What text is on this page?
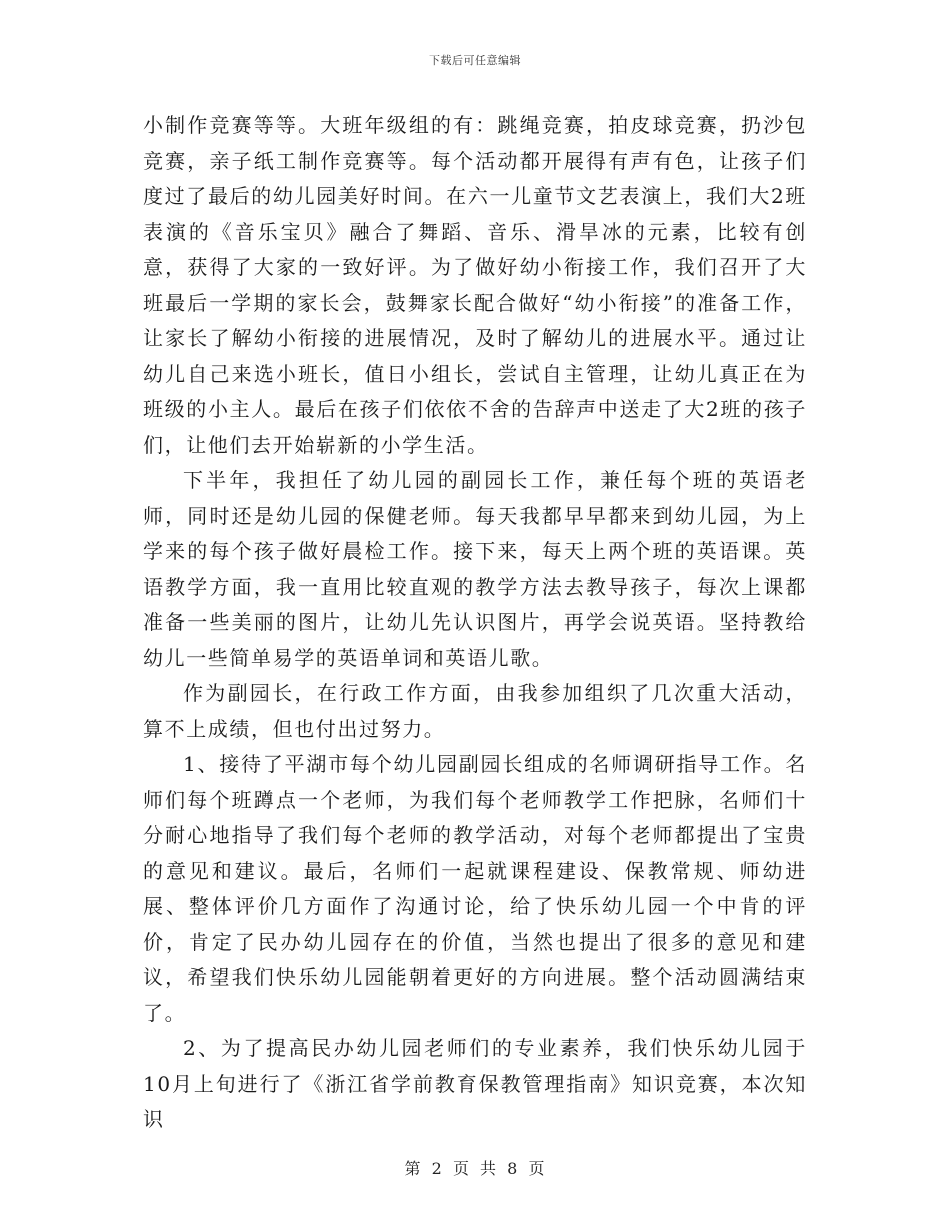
下载后可任意编辑

小制作竞赛等等。大班年级组的有：跳绳竞赛，拍皮球竞赛，扔沙包竞赛，亲子纸工制作竞赛等。每个活动都开展得有声有色，让孩子们度过了最后的幼儿园美好时间。在六一儿童节文艺表演上，我们大2班表演的《音乐宝贝》融合了舞蹈、音乐、滑旱冰的元素，比较有创意，获得了大家的一致好评。为了做好幼小衔接工作，我们召开了大班最后一学期的家长会，鼓舞家长配合做好“幼小衔接”的准备工作，让家长了解幼小衔接的进展情况，及时了解幼儿的进展水平。通过让幼儿自己来选小班长，值日小组长，尝试自主管理，让幼儿真正在为班级的小主人。最后在孩子们依依不舍的告辞声中送走了大2班的孩子们，让他们去开始崭新的小学生活。

下半年，我担任了幼儿园的副园长工作，兼任每个班的英语老师，同时还是幼儿园的保健老师。每天我都早早都来到幼儿园，为上学来的每个孩子做好晨检工作。接下来，每天上两个班的英语课。英语教学方面，我一直用比较直观的教学方法去教导孩子，每次上课都准备一些美丽的图片，让幼儿先认识图片，再学会说英语。坚持教给幼儿一些简单易学的英语单词和英语儿歌。

作为副园长，在行政工作方面，由我参加组织了几次重大活动，算不上成绩，但也付出过努力。

1、接待了平湖市每个幼儿园副园长组成的名师调研指导工作。名师们每个班蹲点一个老师，为我们每个老师教学工作把脉，名师们十分耐心地指导了我们每个老师的教学活动，对每个老师都提出了宝贵的意见和建议。最后，名师们一起就课程建设、保教常规、师幼进展、整体评价几方面作了沟通讨论，给了快乐幼儿园一个中肯的评价，肯定了民办幼儿园存在的价值，当然也提出了很多的意见和建议，希望我们快乐幼儿园能朝着更好的方向进展。整个活动圆满结束了。

2、为了提高民办幼儿园老师们的专业素养，我们快乐幼儿园于10月上旬进行了《浙江省学前教育保教管理指南》知识竞赛，本次知识

第 2 页 共 8 页
